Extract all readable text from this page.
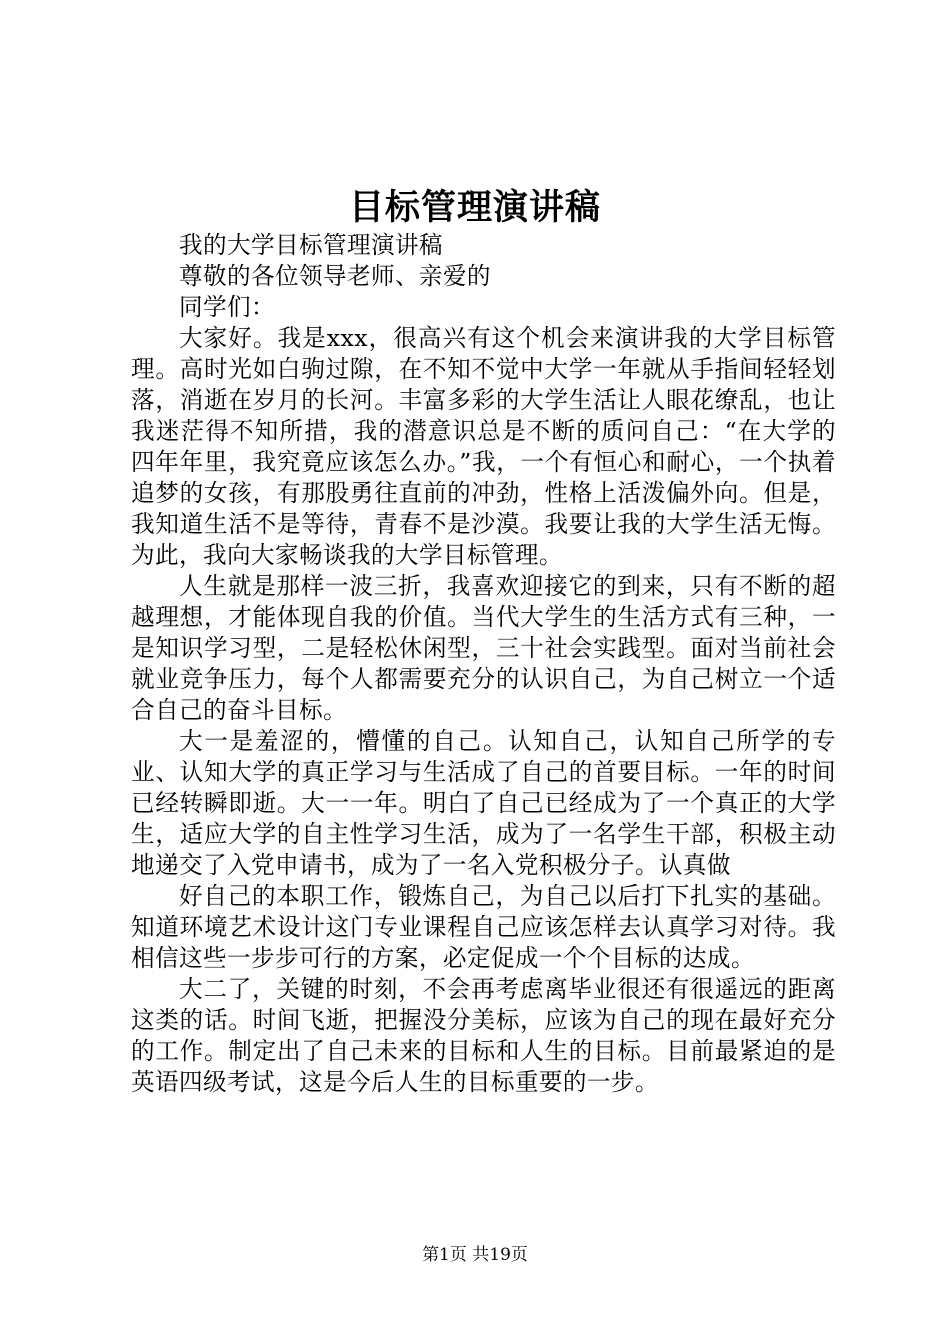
目标管理演讲稿

我的大学目标管理演讲稿

尊敬的各位领导老师、亲爱的

同学们：

大家好。我是xxx，很高兴有这个机会来演讲我的大学目标管理。高时光如白驹过隙，在不知不觉中大学一年就从手指间轻轻划落，消逝在岁月的长河。丰富多彩的大学生活让人眼花缭乱，也让我迷茫得不知所措，我的潜意识总是不断的质问自己：“在大学的四年年里，我究竟应该怎么办。”我，一个有恒心和耐心，一个执着追梦的女孩，有那股勇往直前的冲劲，性格上活泼偏外向。但是，我知道生活不是等待，青春不是沙漠。我要让我的大学生活无悔。为此，我向大家畅谈我的大学目标管理。

人生就是那样一波三折，我喜欢迎接它的到来，只有不断的超越理想，才能体现自我的价值。当代大学生的生活方式有三种，一是知识学习型，二是轻松休闲型，三十社会实践型。面对当前社会就业竞争压力，每个人都需要充分的认识自己，为自己树立一个适合自己的奋斗目标。

大一是羞涩的，懵懂的自己。认知自己，认知自己所学的专业、认知大学的真正学习与生活成了自己的首要目标。一年的时间已经转瞬即逝。大一一年。明白了自己已经成为了一个真正的大学生，适应大学的自主性学习生活，成为了一名学生干部，积极主动地递交了入党申请书，成为了一名入党积极分子。认真做

好自己的本职工作，锻炼自己，为自己以后打下扎实的基础。知道环境艺术设计这门专业课程自己应该怎样去认真学习对待。我相信这些一步步可行的方案，必定促成一个个目标的达成。

大二了，关键的时刻，不会再考虑离毕业很还有很遥远的距离这类的话。时间飞逝，把握没分美标，应该为自己的现在最好充分的工作。制定出了自己未来的目标和人生的目标。目前最紧迫的是英语四级考试，这是今后人生的目标重要的一步。

第1页 共19页
